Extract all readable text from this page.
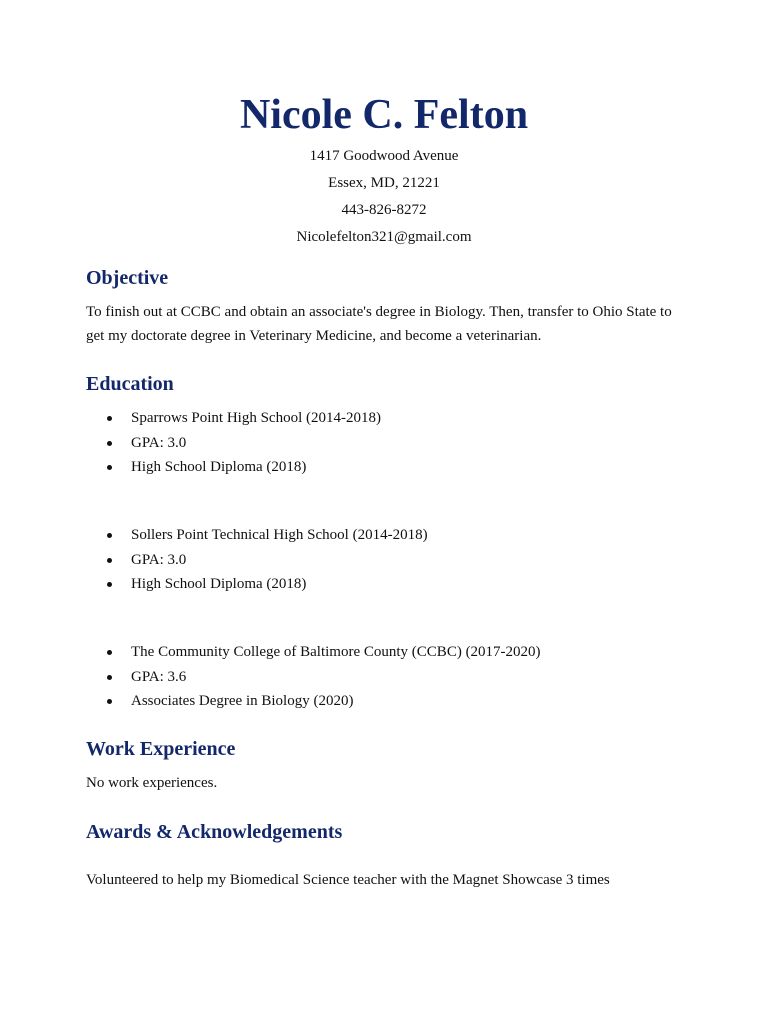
Nicole C. Felton
1417 Goodwood Avenue
Essex, MD, 21221
443-826-8272
Nicolefelton321@gmail.com
Objective

To finish out at CCBC and obtain an associate's degree in Biology. Then, transfer to Ohio State to

get my doctorate degree in Veterinary Medicine, and become a veterinarian.

Education
Sparrows Point High School (2014-2018)
GPA: 3.0
High School Diploma (2018)
Sollers Point Technical High School (2014-2018)
GPA: 3.0
High School Diploma (2018)
The Community College of Baltimore County (CCBC) (2017-2020)
GPA: 3.6
Associates Degree in Biology (2020)
Work Experience

No work experiences.

Awards & Acknowledgements

Volunteered to help my Biomedical Science teacher with the Magnet Showcase 3 times
